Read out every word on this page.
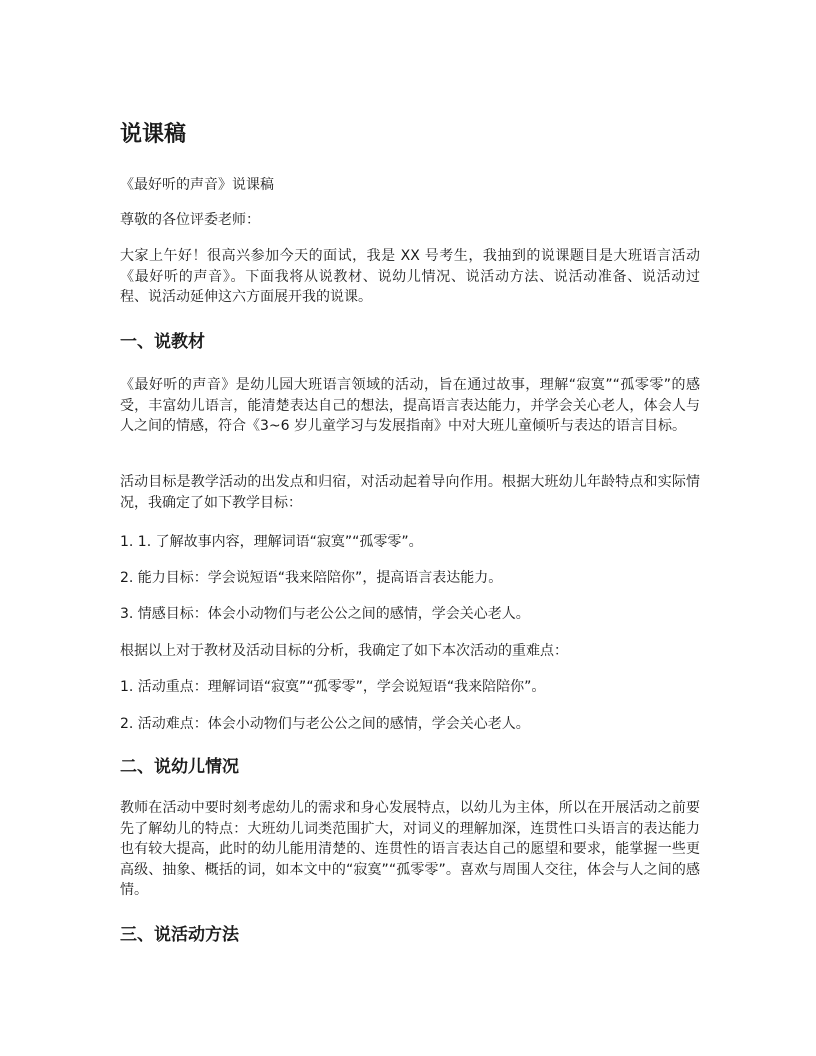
说课稿

《最好听的声音》说课稿

尊敬的各位评委老师：

大家上午好！很高兴参加今天的面试，我是 XX 号考生，我抽到的说课题目是大班语言活动《最好听的声音》。下面我将从说教材、说幼儿情况、说活动方法、说活动准备、说活动过程、说活动延伸这六方面展开我的说课。

一、说教材

《最好听的声音》是幼儿园大班语言领域的活动，旨在通过故事，理解“寂寞”“孤零零”的感受，丰富幼儿语言，能清楚表达自己的想法，提高语言表达能力，并学会关心老人，体会人与人之间的情感，符合《3~6 岁儿童学习与发展指南》中对大班儿童倾听与表达的语言目标。

活动目标是教学活动的出发点和归宿，对活动起着导向作用。根据大班幼儿年龄特点和实际情况，我确定了如下教学目标：

1. 1. 了解故事内容，理解词语“寂寞”“孤零零”。

2. 能力目标：学会说短语“我来陪陪你”，提高语言表达能力。

3. 情感目标：体会小动物们与老公公之间的感情，学会关心老人。

根据以上对于教材及活动目标的分析，我确定了如下本次活动的重难点：

1. 活动重点：理解词语“寂寞”“孤零零”，学会说短语“我来陪陪你”。

2. 活动难点：体会小动物们与老公公之间的感情，学会关心老人。

二、说幼儿情况

教师在活动中要时刻考虑幼儿的需求和身心发展特点，以幼儿为主体，所以在开展活动之前要先了解幼儿的特点：大班幼儿词类范围扩大，对词义的理解加深，连贯性口头语言的表达能力也有较大提高，此时的幼儿能用清楚的、连贯性的语言表达自己的愿望和要求，能掌握一些更高级、抽象、概括的词，如本文中的“寂寞”“孤零零”。喜欢与周围人交往，体会与人之间的感情。

三、说活动方法
